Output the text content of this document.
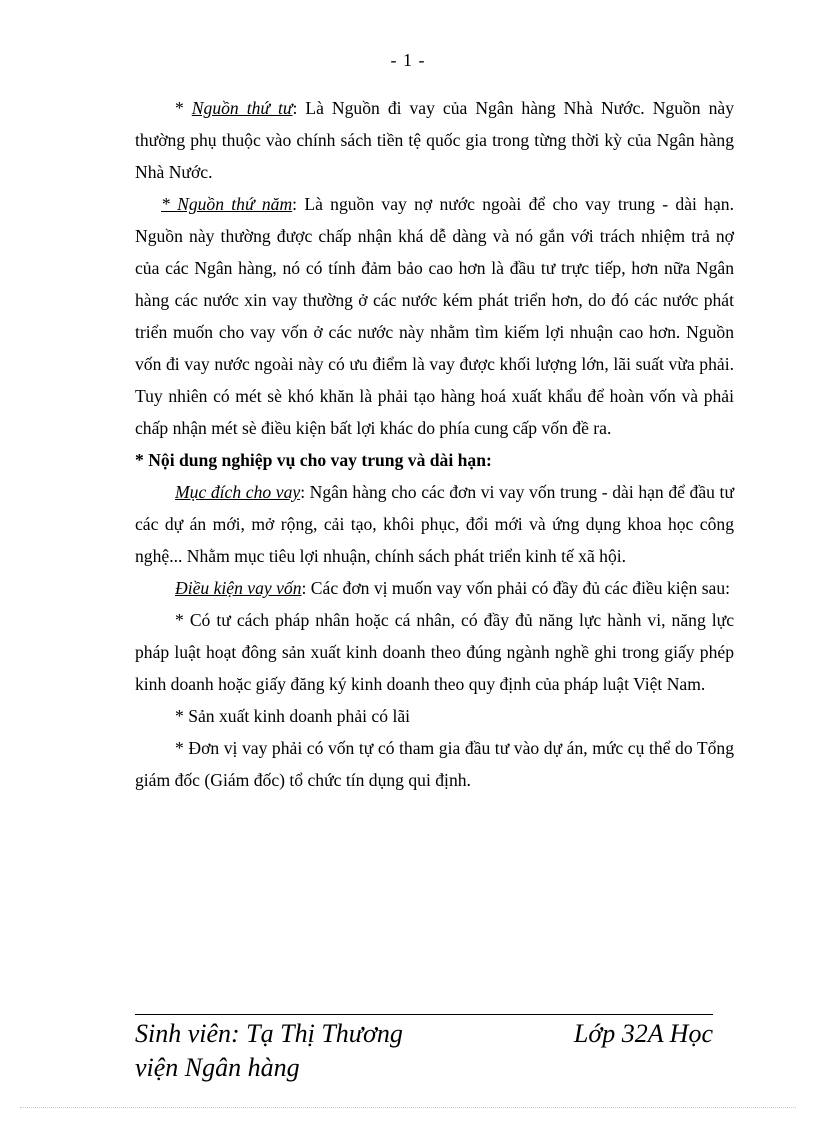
- 1 -

* Nguồn thứ tư: Là Nguồn đi vay của Ngân hàng Nhà Nước. Nguồn này thường phụ thuộc vào chính sách tiền tệ quốc gia trong từng thời kỳ của Ngân hàng Nhà Nước.

* Nguồn thứ năm: Là nguồn vay nợ nước ngoài để cho vay trung - dài hạn. Nguồn này thường được chấp nhận khá dễ dàng và nó gắn với trách nhiệm trả nợ của các Ngân hàng, nó có tính đảm bảo cao hơn là đầu tư trực tiếp, hơn nữa Ngân hàng các nước xin vay thường ở các nước kém phát triển hơn, do đó các nước phát triển muốn cho vay vốn ở các nước này nhằm tìm kiếm lợi nhuận cao hơn. Nguồn vốn đi vay nước ngoài này có ưu điểm là vay được khối lượng lớn, lãi suất vừa phải. Tuy nhiên có mét sè khó khăn là phải tạo hàng hoá xuất khẩu để hoàn vốn và phải chấp nhận mét sè điều kiện bất lợi khác do phía cung cấp vốn đề ra.

* Nội dung nghiệp vụ cho vay trung và dài hạn:

Mục đích cho vay: Ngân hàng cho các đơn vi vay vốn trung - dài hạn để đầu tư các dự án mới, mở rộng, cải tạo, khôi phục, đổi mới và ứng dụng khoa học công nghệ... Nhằm mục tiêu lợi nhuận, chính sách phát triển kinh tế xã hội.

Điều kiện vay vốn: Các đơn vị muốn vay vốn phải có đầy đủ các điều kiện sau:

* Có tư cách pháp nhân hoặc cá nhân, có đầy đủ năng lực hành vi, năng lực pháp luật hoạt đông sản xuất kinh doanh theo đúng ngành nghề ghi trong giấy phép kinh doanh hoặc giấy đăng ký kinh doanh theo quy định của pháp luật Việt Nam.

* Sản xuất kinh doanh phải có lãi

* Đơn vị vay phải có vốn tự có tham gia đầu tư vào dự án, mức cụ thể do Tổng giám đốc (Giám đốc) tổ chức tín dụng qui định.

Sinh viên: Tạ Thị Thương	Lớp 32A Học
viện Ngân hàng
